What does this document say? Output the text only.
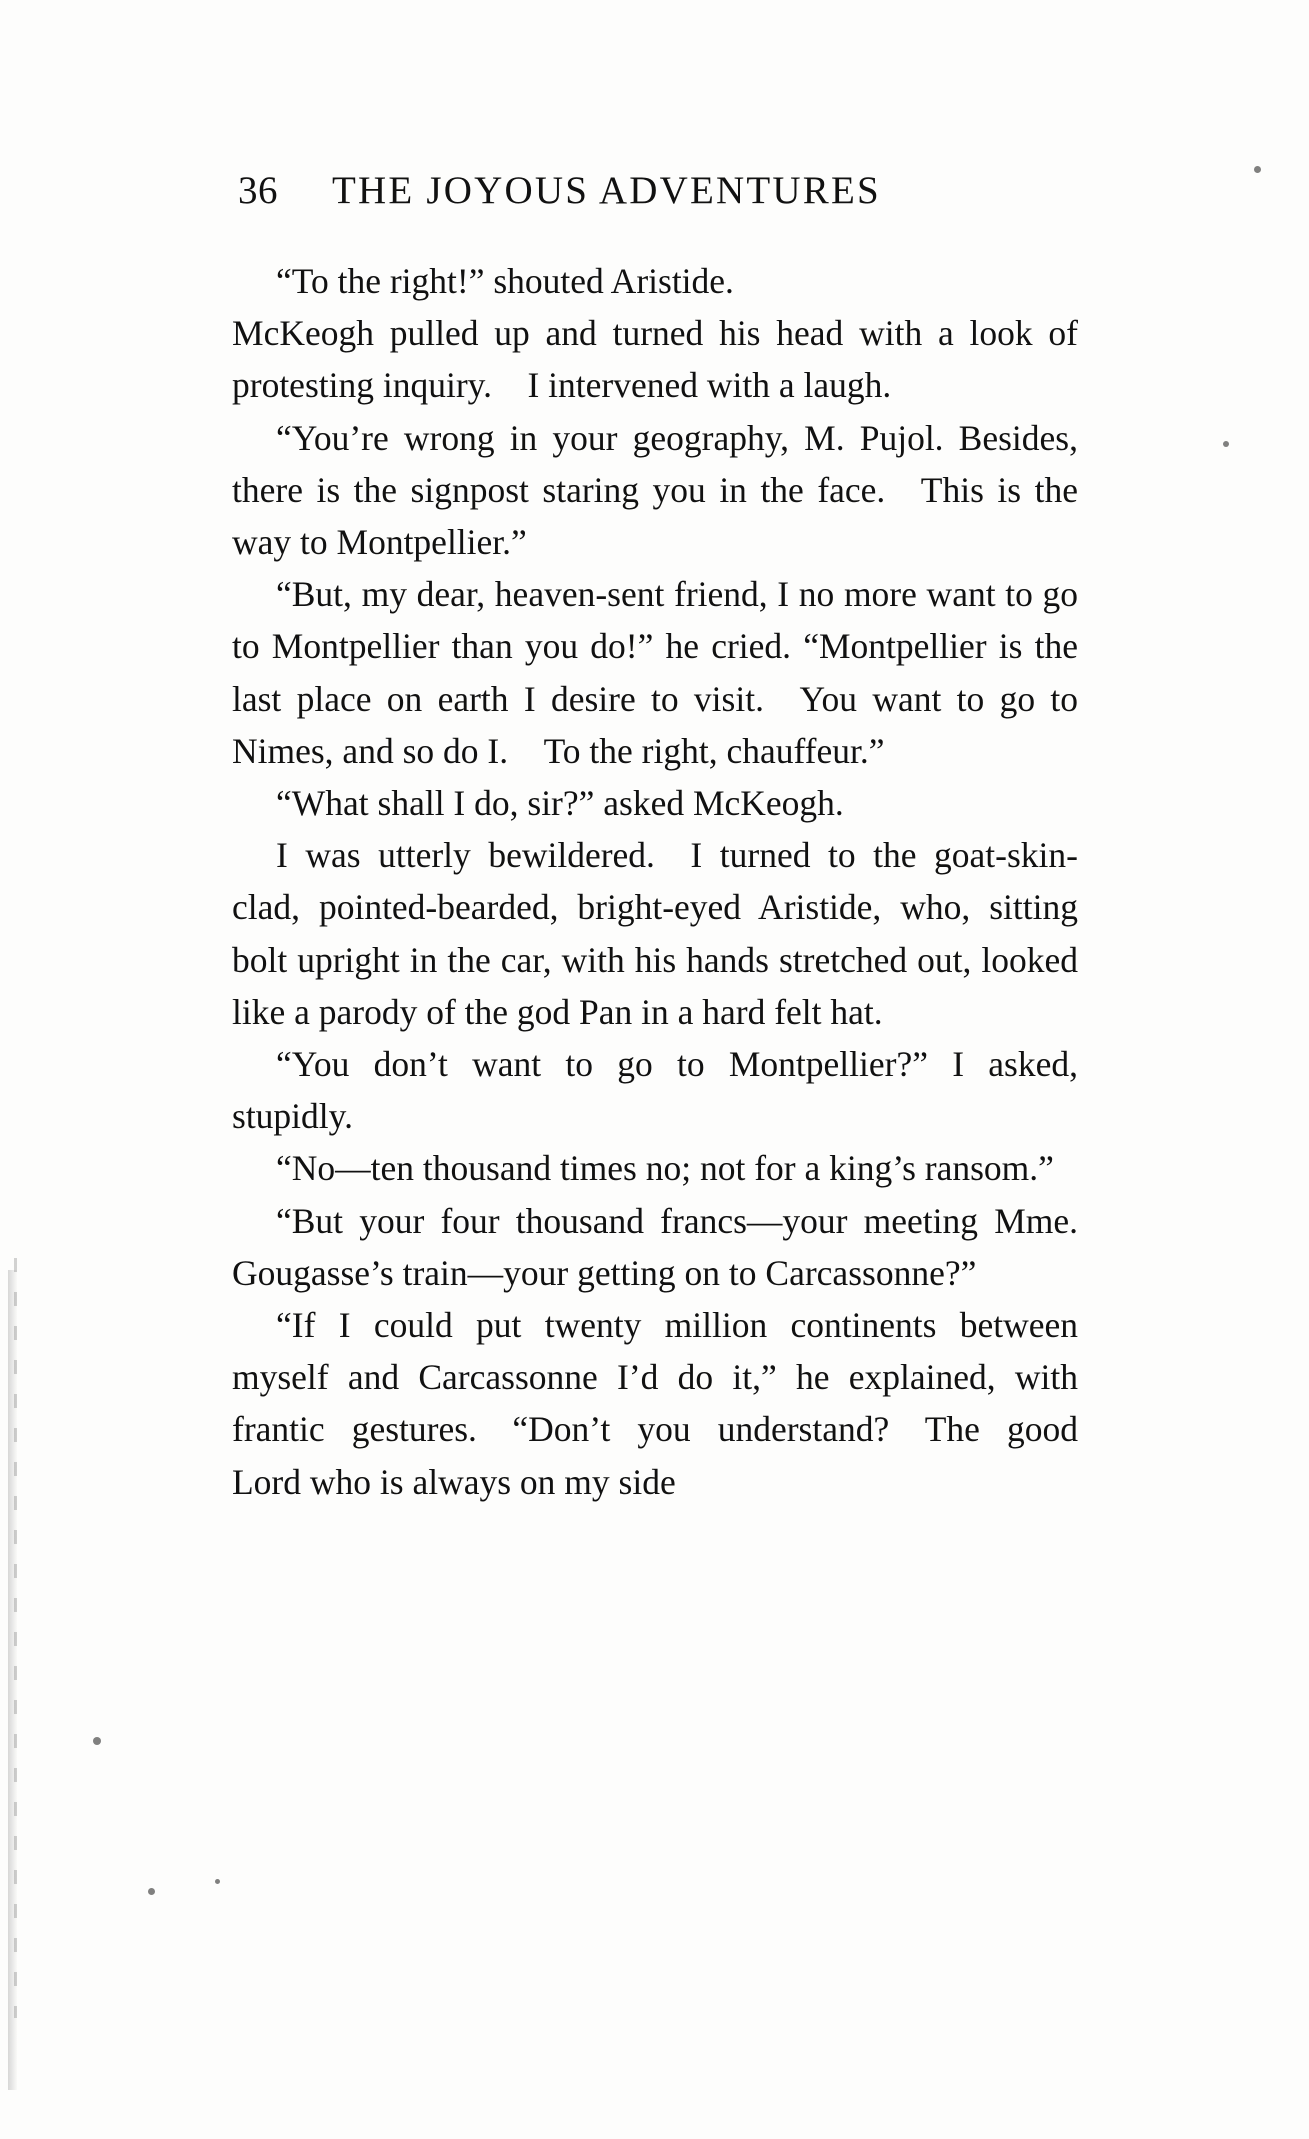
36 THE JOYOUS ADVENTURES

“To the right!” shouted Aristide.

McKeogh pulled up and turned his head with a look of protesting inquiry. I intervened with a laugh.

“You’re wrong in your geography, M. Pujol. Besides, there is the signpost staring you in the face. This is the way to Montpellier.”

“But, my dear, heaven-sent friend, I no more want to go to Montpellier than you do!” he cried. “Montpellier is the last place on earth I desire to visit. You want to go to Nimes, and so do I. To the right, chauffeur.”

“What shall I do, sir?” asked McKeogh.

I was utterly bewildered. I turned to the goat-skin-clad, pointed-bearded, bright-eyed Aristide, who, sitting bolt upright in the car, with his hands stretched out, looked like a parody of the god Pan in a hard felt hat.

“You don’t want to go to Montpellier?” I asked, stupidly.

“No—ten thousand times no; not for a king’s ransom.”

“But your four thousand francs—your meeting Mme. Gougasse’s train—your getting on to Carcassonne?”

“If I could put twenty million continents between myself and Carcassonne I’d do it,” he explained, with frantic gestures. “Don’t you understand? The good Lord who is always on my side
